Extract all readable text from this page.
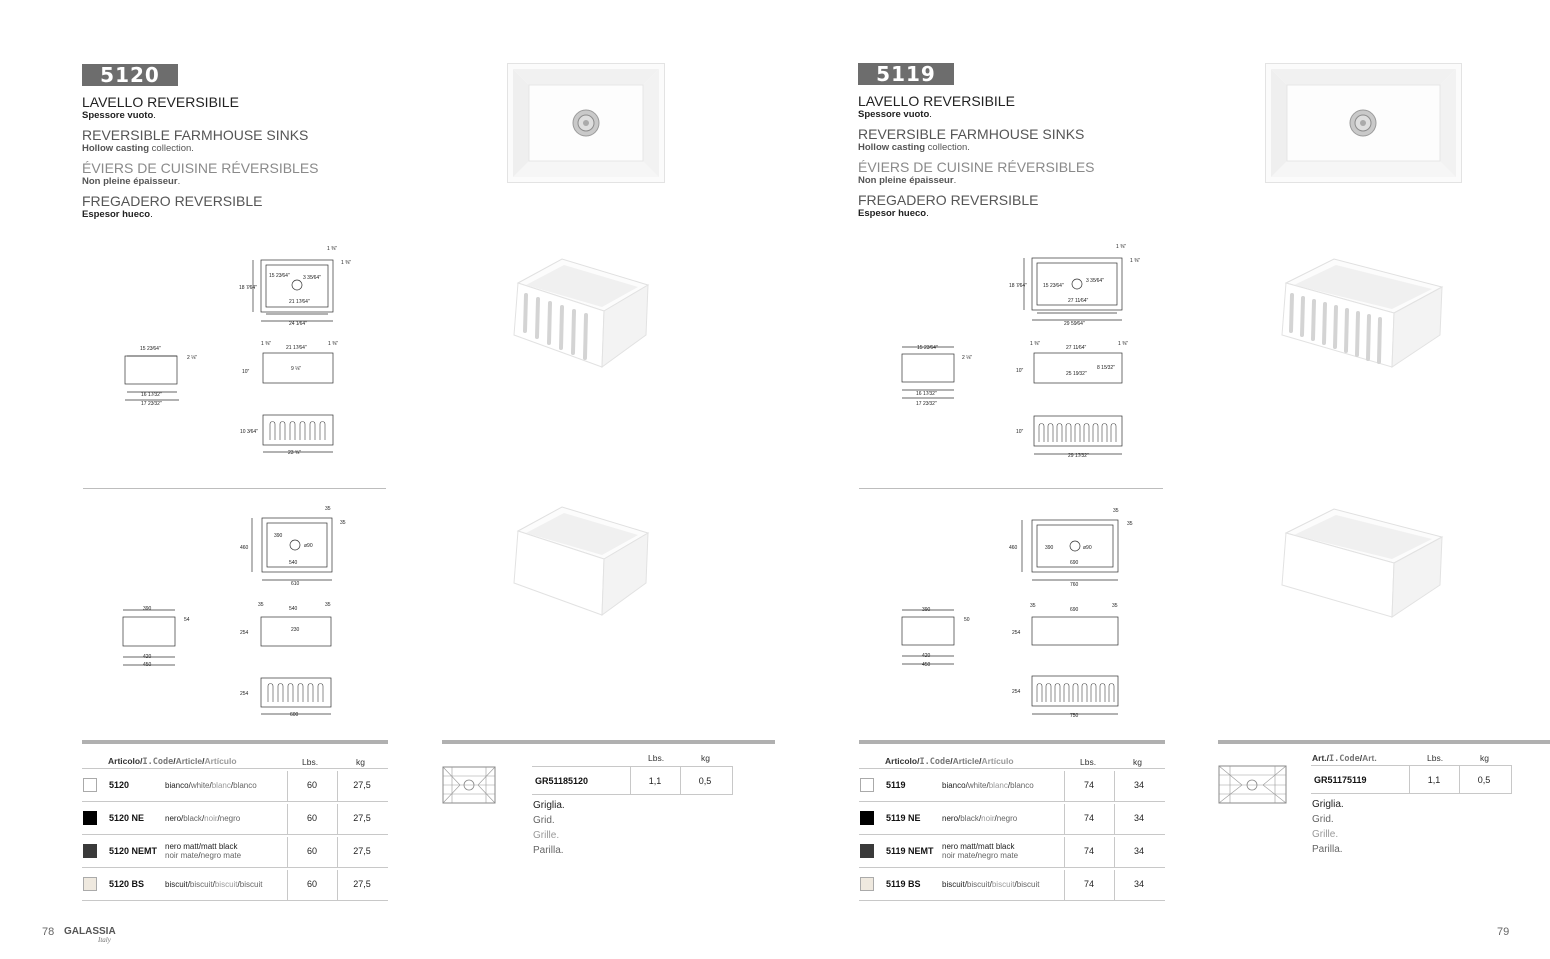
5120
LAVELLO REVERSIBILE
Spessore vuoto.
REVERSIBLE FARMHOUSE SINKS
Hollow casting collection.
ÉVIERS DE CUISINE RÉVERSIBLES
Non pleine épaisseur.
FREGADERO REVERSIBLE
Espesor hueco.
1 ⅜"
1 ⅜"
18 7⁄64"
15 23⁄64"	3 35⁄64"
21 17⁄64"
24 1⁄64"
15 23⁄64"
2 ⅛"
16 17⁄32"
17 23⁄32"
1 ⅜"
21 17⁄64"
1 ⅜"
10"	9 ⅛"
10 3⁄64"
23 ⅝"
35
35
460
390
ø90
540
610
390
54
420
450
35
540
35
254	230
254
600
Articolo/I.Code/Article/Artículo	Lbs.	kg
5120	bianco/white/blanc/blanco	60	27,5
5120 NE	nero/black/noir/negro	60	27,5
5120 NEMT nero matt/matt black
noir mate/negro mate	60	27,5
5120 BS	biscuit/biscuit/biscuit/biscuit	60	27,5
Lbs.	kg
GR51185120	1,1	0,5
Griglia.
Grid.
Grille.
Parilla.
78 GALASSIA
Italy
5119
LAVELLO REVERSIBILE
Spessore vuoto.
REVERSIBLE FARMHOUSE SINKS
Hollow casting collection.
ÉVIERS DE CUISINE RÉVERSIBLES
Non pleine épaisseur.
FREGADERO REVERSIBLE
Espesor hueco.
1 ⅜"
1 ⅜"
18 7⁄64"	15 23⁄64"
3 35⁄64"
27 11⁄64"
29 59⁄64"
15 23⁄64"
2 ⅛"
16 17⁄32"
17 23⁄32"
1 ⅜"
27 11⁄64"
1 ⅜"
10"	25 19⁄32"
8 15⁄32"
10"
29 17⁄32"
35
35
460	390	ø90
690
760
390
50
420
450
35
690
35
254
254
750
Articolo/I.Code/Article/Artículo	Lbs.	kg
5119	bianco/white/blanc/blanco	74	34
5119 NE	nero/black/noir/negro	74	34
5119 NEMT nero matt/matt black
noir mate/negro mate	74	34
5119 BS	biscuit/biscuit/biscuit/biscuit	74	34
Art./I.Code/Art.	Lbs.	kg
GR51175119	1,1	0,5
Griglia.
Grid.
Grille.
Parilla.
79
